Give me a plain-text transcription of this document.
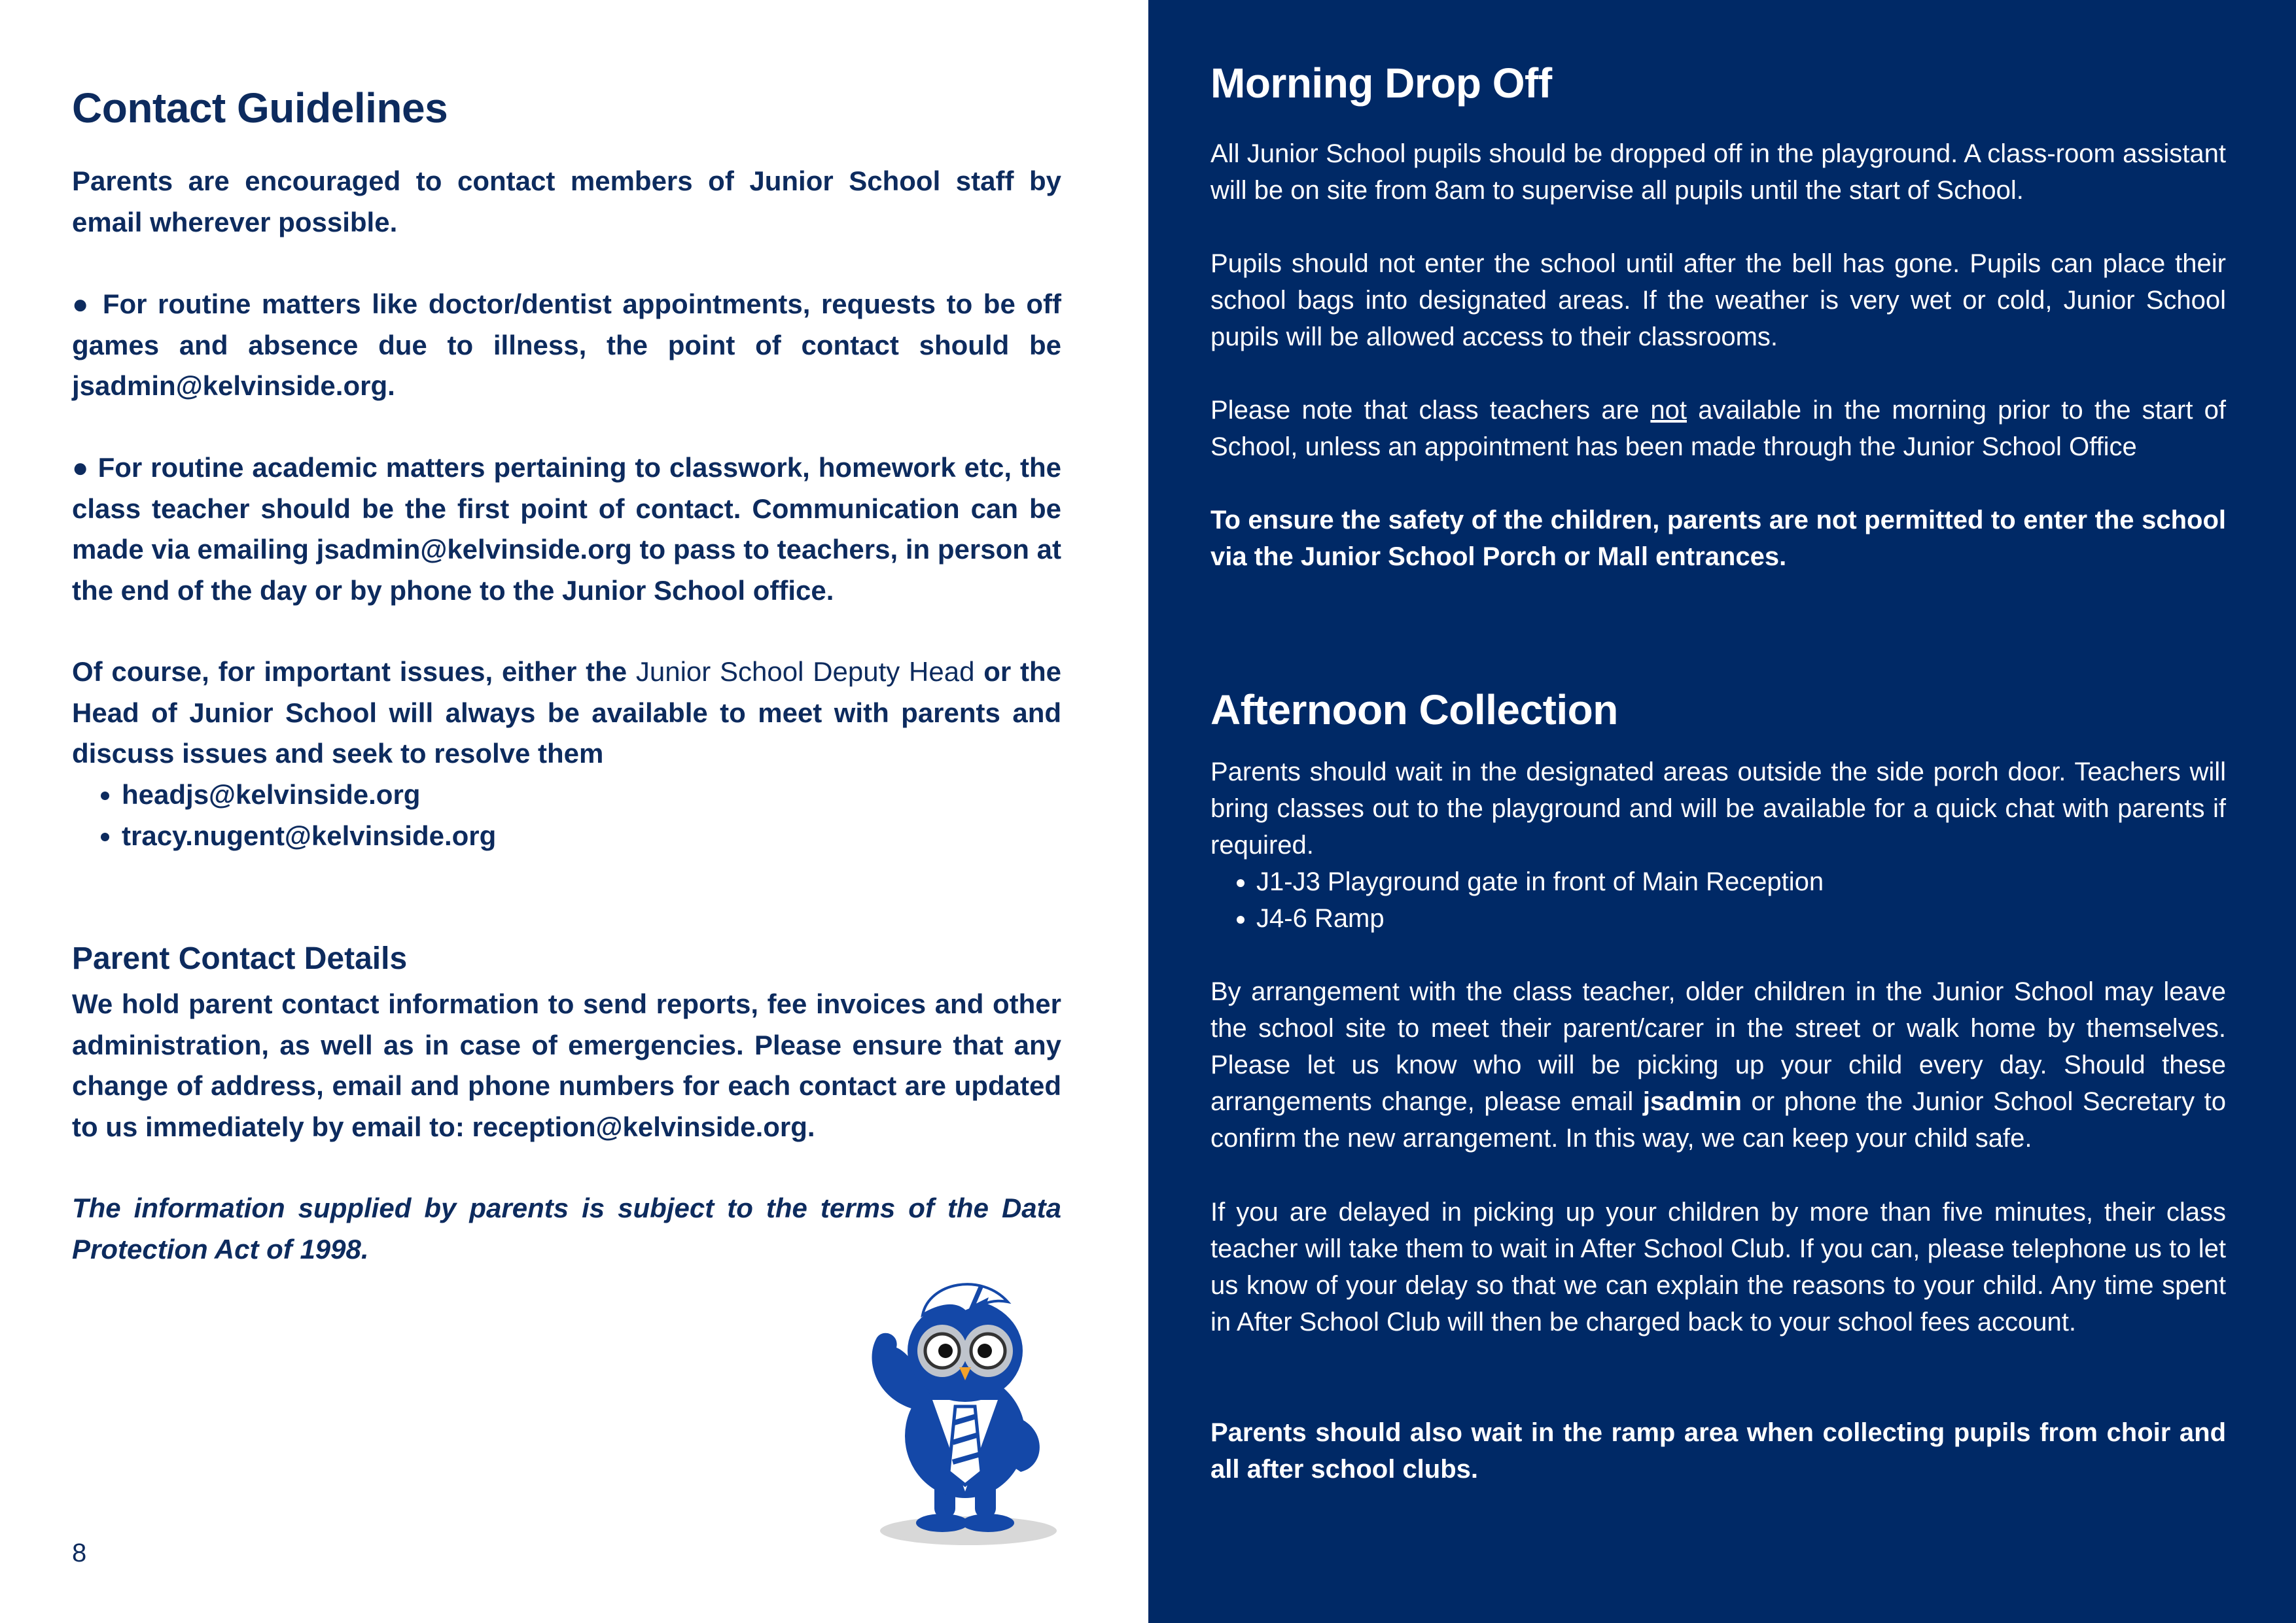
Contact Guidelines

Parents are encouraged to contact members of Junior School staff by email wherever possible.

● For routine matters like doctor/dentist appointments, requests to be off games and absence due to illness, the point of contact should be jsadmin@kelvinside.org.

● For routine academic matters pertaining to classwork, homework etc, the class teacher should be the first point of contact. Communication can be made via emailing jsadmin@kelvinside.org to pass to teachers, in person at the end of the day or by phone to the Junior School office.

Of course, for important issues, either the Junior School Deputy Head or the Head of Junior School will always be available to meet with parents and discuss issues and seek to resolve them

• headjs@kelvinside.org
• tracy.nugent@kelvinside.org
Parent Contact Details

We hold parent contact information to send reports, fee invoices and other administration, as well as in case of emergencies. Please ensure that any change of address, email and phone numbers for each contact are updated to us immediately by email to: reception@kelvinside.org.

The information supplied by parents is subject to the terms of the Data Protection Act of 1998.

8
Morning Drop Off

All Junior School pupils should be dropped off in the playground. A class-room assistant will be on site from 8am to supervise all pupils until the start of School.

Pupils should not enter the school until after the bell has gone. Pupils can place their school bags into designated areas. If the weather is very wet or cold, Junior School pupils will be allowed access to their classrooms.

Please note that class teachers are not available in the morning prior to the start of School, unless an appointment has been made through the Junior School Office

To ensure the safety of the children, parents are not permitted to enter the school via the Junior School Porch or Mall entrances.

Afternoon Collection

Parents should wait in the designated areas outside the side porch door. Teachers will bring classes out to the playground and will be available for a quick chat with parents if required.

• J1-J3 Playground gate in front of Main Reception
• J4-6 Ramp

By arrangement with the class teacher, older children in the Junior School may leave the school site to meet their parent/carer in the street or walk home by themselves. Please let us know who will be picking up your child every day. Should these arrangements change, please email jsadmin or phone the Junior School Secretary to confirm the new arrangement. In this way, we can keep your child safe.

If you are delayed in picking up your children by more than five minutes, their class teacher will take them to wait in After School Club. If you can, please telephone us to let us know of your delay so that we can explain the reasons to your child. Any time spent in After School Club will then be charged back to your school fees account.

Parents should also wait in the ramp area when collecting pupils from choir and all after school clubs.
